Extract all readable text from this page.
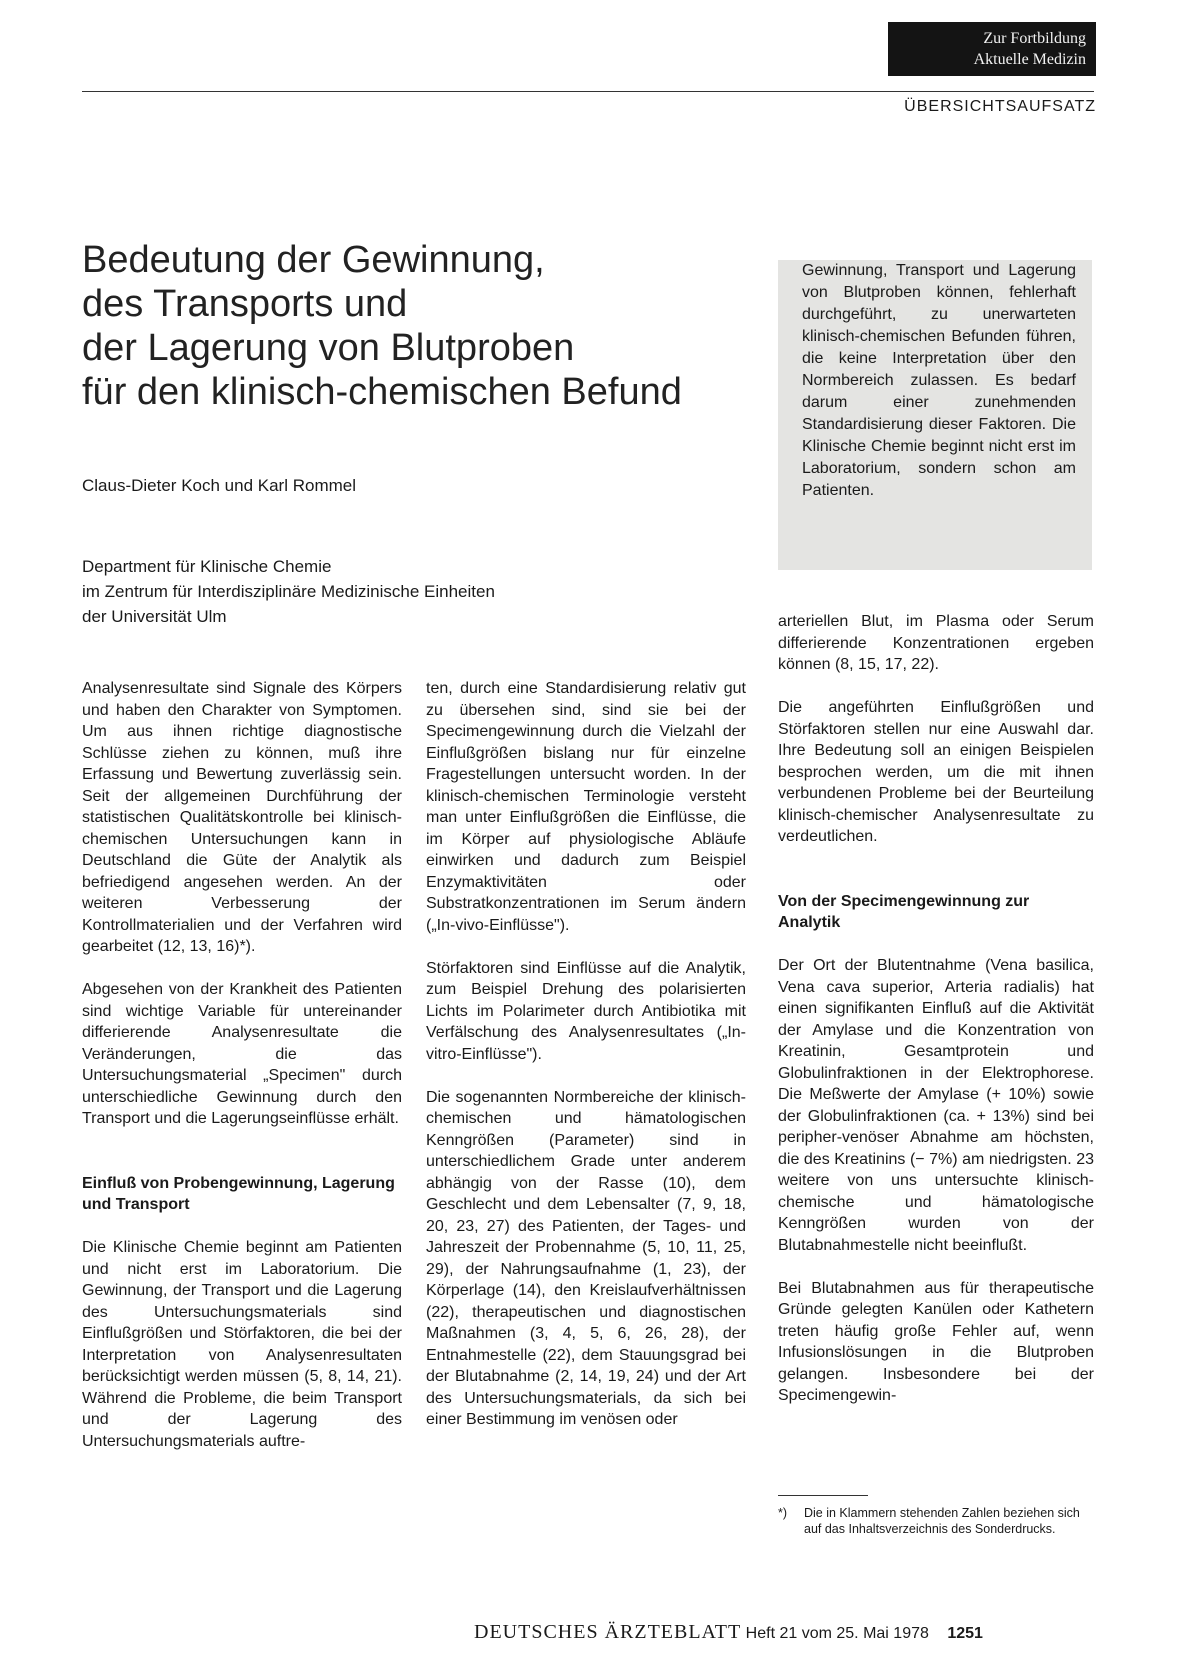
Zur Fortbildung
Aktuelle Medizin
ÜBERSICHTSAUFSATZ
Bedeutung der Gewinnung,
des Transports und
der Lagerung von Blutproben
für den klinisch-chemischen Befund
Claus-Dieter Koch und Karl Rommel
Department für Klinische Chemie
im Zentrum für Interdisziplinäre Medizinische Einheiten
der Universität Ulm

Gewinnung, Transport und Lagerung von Blutproben können, fehlerhaft durchgeführt, zu unerwarteten klinisch-chemischen Befunden führen, die keine Interpretation über den Normbereich zulassen. Es bedarf darum einer zunehmenden Standardisierung dieser Faktoren. Die Klinische Chemie beginnt nicht erst im Laboratorium, sondern schon am Patienten.

Analysenresultate sind Signale des Körpers und haben den Charakter von Symptomen. Um aus ihnen richtige diagnostische Schlüsse ziehen zu können, muß ihre Erfassung und Bewertung zuverlässig sein. Seit der allgemeinen Durchführung der statistischen Qualitätskontrolle bei klinisch-chemischen Untersuchungen kann in Deutschland die Güte der Analytik als befriedigend angesehen werden. An der weiteren Verbesserung der Kontrollmaterialien und der Verfahren wird gearbeitet (12, 13, 16)*).

Abgesehen von der Krankheit des Patienten sind wichtige Variable für untereinander differierende Analysenresultate die Veränderungen, die das Untersuchungsmaterial „Specimen" durch unterschiedliche Gewinnung durch den Transport und die Lagerungseinflüsse erhält.

Einfluß von Probengewinnung, Lagerung und Transport

Die Klinische Chemie beginnt am Patienten und nicht erst im Laboratorium. Die Gewinnung, der Transport und die Lagerung des Untersuchungsmaterials sind Einflußgrößen und Störfaktoren, die bei der Interpretation von Analysenresultaten berücksichtigt werden müssen (5, 8, 14, 21). Während die Probleme, die beim Transport und der Lagerung des Untersuchungsmaterials auftre-

ten, durch eine Standardisierung relativ gut zu übersehen sind, sind sie bei der Specimengewinnung durch die Vielzahl der Einflußgrößen bislang nur für einzelne Fragestellungen untersucht worden. In der klinisch-chemischen Terminologie versteht man unter Einflußgrößen die Einflüsse, die im Körper auf physiologische Abläufe einwirken und dadurch zum Beispiel Enzymaktivitäten oder Substratkonzentrationen im Serum ändern („In-vivo-Einflüsse").

Störfaktoren sind Einflüsse auf die Analytik, zum Beispiel Drehung des polarisierten Lichts im Polarimeter durch Antibiotika mit Verfälschung des Analysenresultates („In-vitro-Einflüsse").

Die sogenannten Normbereiche der klinisch-chemischen und hämatologischen Kenngrößen (Parameter) sind in unterschiedlichem Grade unter anderem abhängig von der Rasse (10), dem Geschlecht und dem Lebensalter (7, 9, 18, 20, 23, 27) des Patienten, der Tages- und Jahreszeit der Probennahme (5, 10, 11, 25, 29), der Nahrungsaufnahme (1, 23), der Körperlage (14), den Kreislaufverhältnissen (22), therapeutischen und diagnostischen Maßnahmen (3, 4, 5, 6, 26, 28), der Entnahmestelle (22), dem Stauungsgrad bei der Blutabnahme (2, 14, 19, 24) und der Art des Untersuchungsmaterials, da sich bei einer Bestimmung im venösen oder

arteriellen Blut, im Plasma oder Serum differierende Konzentrationen ergeben können (8, 15, 17, 22).

Die angeführten Einflußgrößen und Störfaktoren stellen nur eine Auswahl dar. Ihre Bedeutung soll an einigen Beispielen besprochen werden, um die mit ihnen verbundenen Probleme bei der Beurteilung klinisch-chemischer Analysenresultate zu verdeutlichen.

Von der Specimengewinnung zur Analytik

Der Ort der Blutentnahme (Vena basilica, Vena cava superior, Arteria radialis) hat einen signifikanten Einfluß auf die Aktivität der Amylase und die Konzentration von Kreatinin, Gesamtprotein und Globulinfraktionen in der Elektrophorese. Die Meßwerte der Amylase (+ 10%) sowie der Globulinfraktionen (ca. + 13%) sind bei peripher-venöser Abnahme am höchsten, die des Kreatinins (− 7%) am niedrigsten. 23 weitere von uns untersuchte klinisch-chemische und hämatologische Kenngrößen wurden von der Blutabnahmestelle nicht beeinflußt.

Bei Blutabnahmen aus für therapeutische Gründe gelegten Kanülen oder Kathetern treten häufig große Fehler auf, wenn Infusionslösungen in die Blutproben gelangen. Insbesondere bei der Specimengewin-

*)	Die in Klammern stehenden Zahlen beziehen sich auf das Inhaltsverzeichnis des Sonderdrucks.
DEUTSCHES ÄRZTEBLATT Heft 21 vom 25. Mai 1978 1251
